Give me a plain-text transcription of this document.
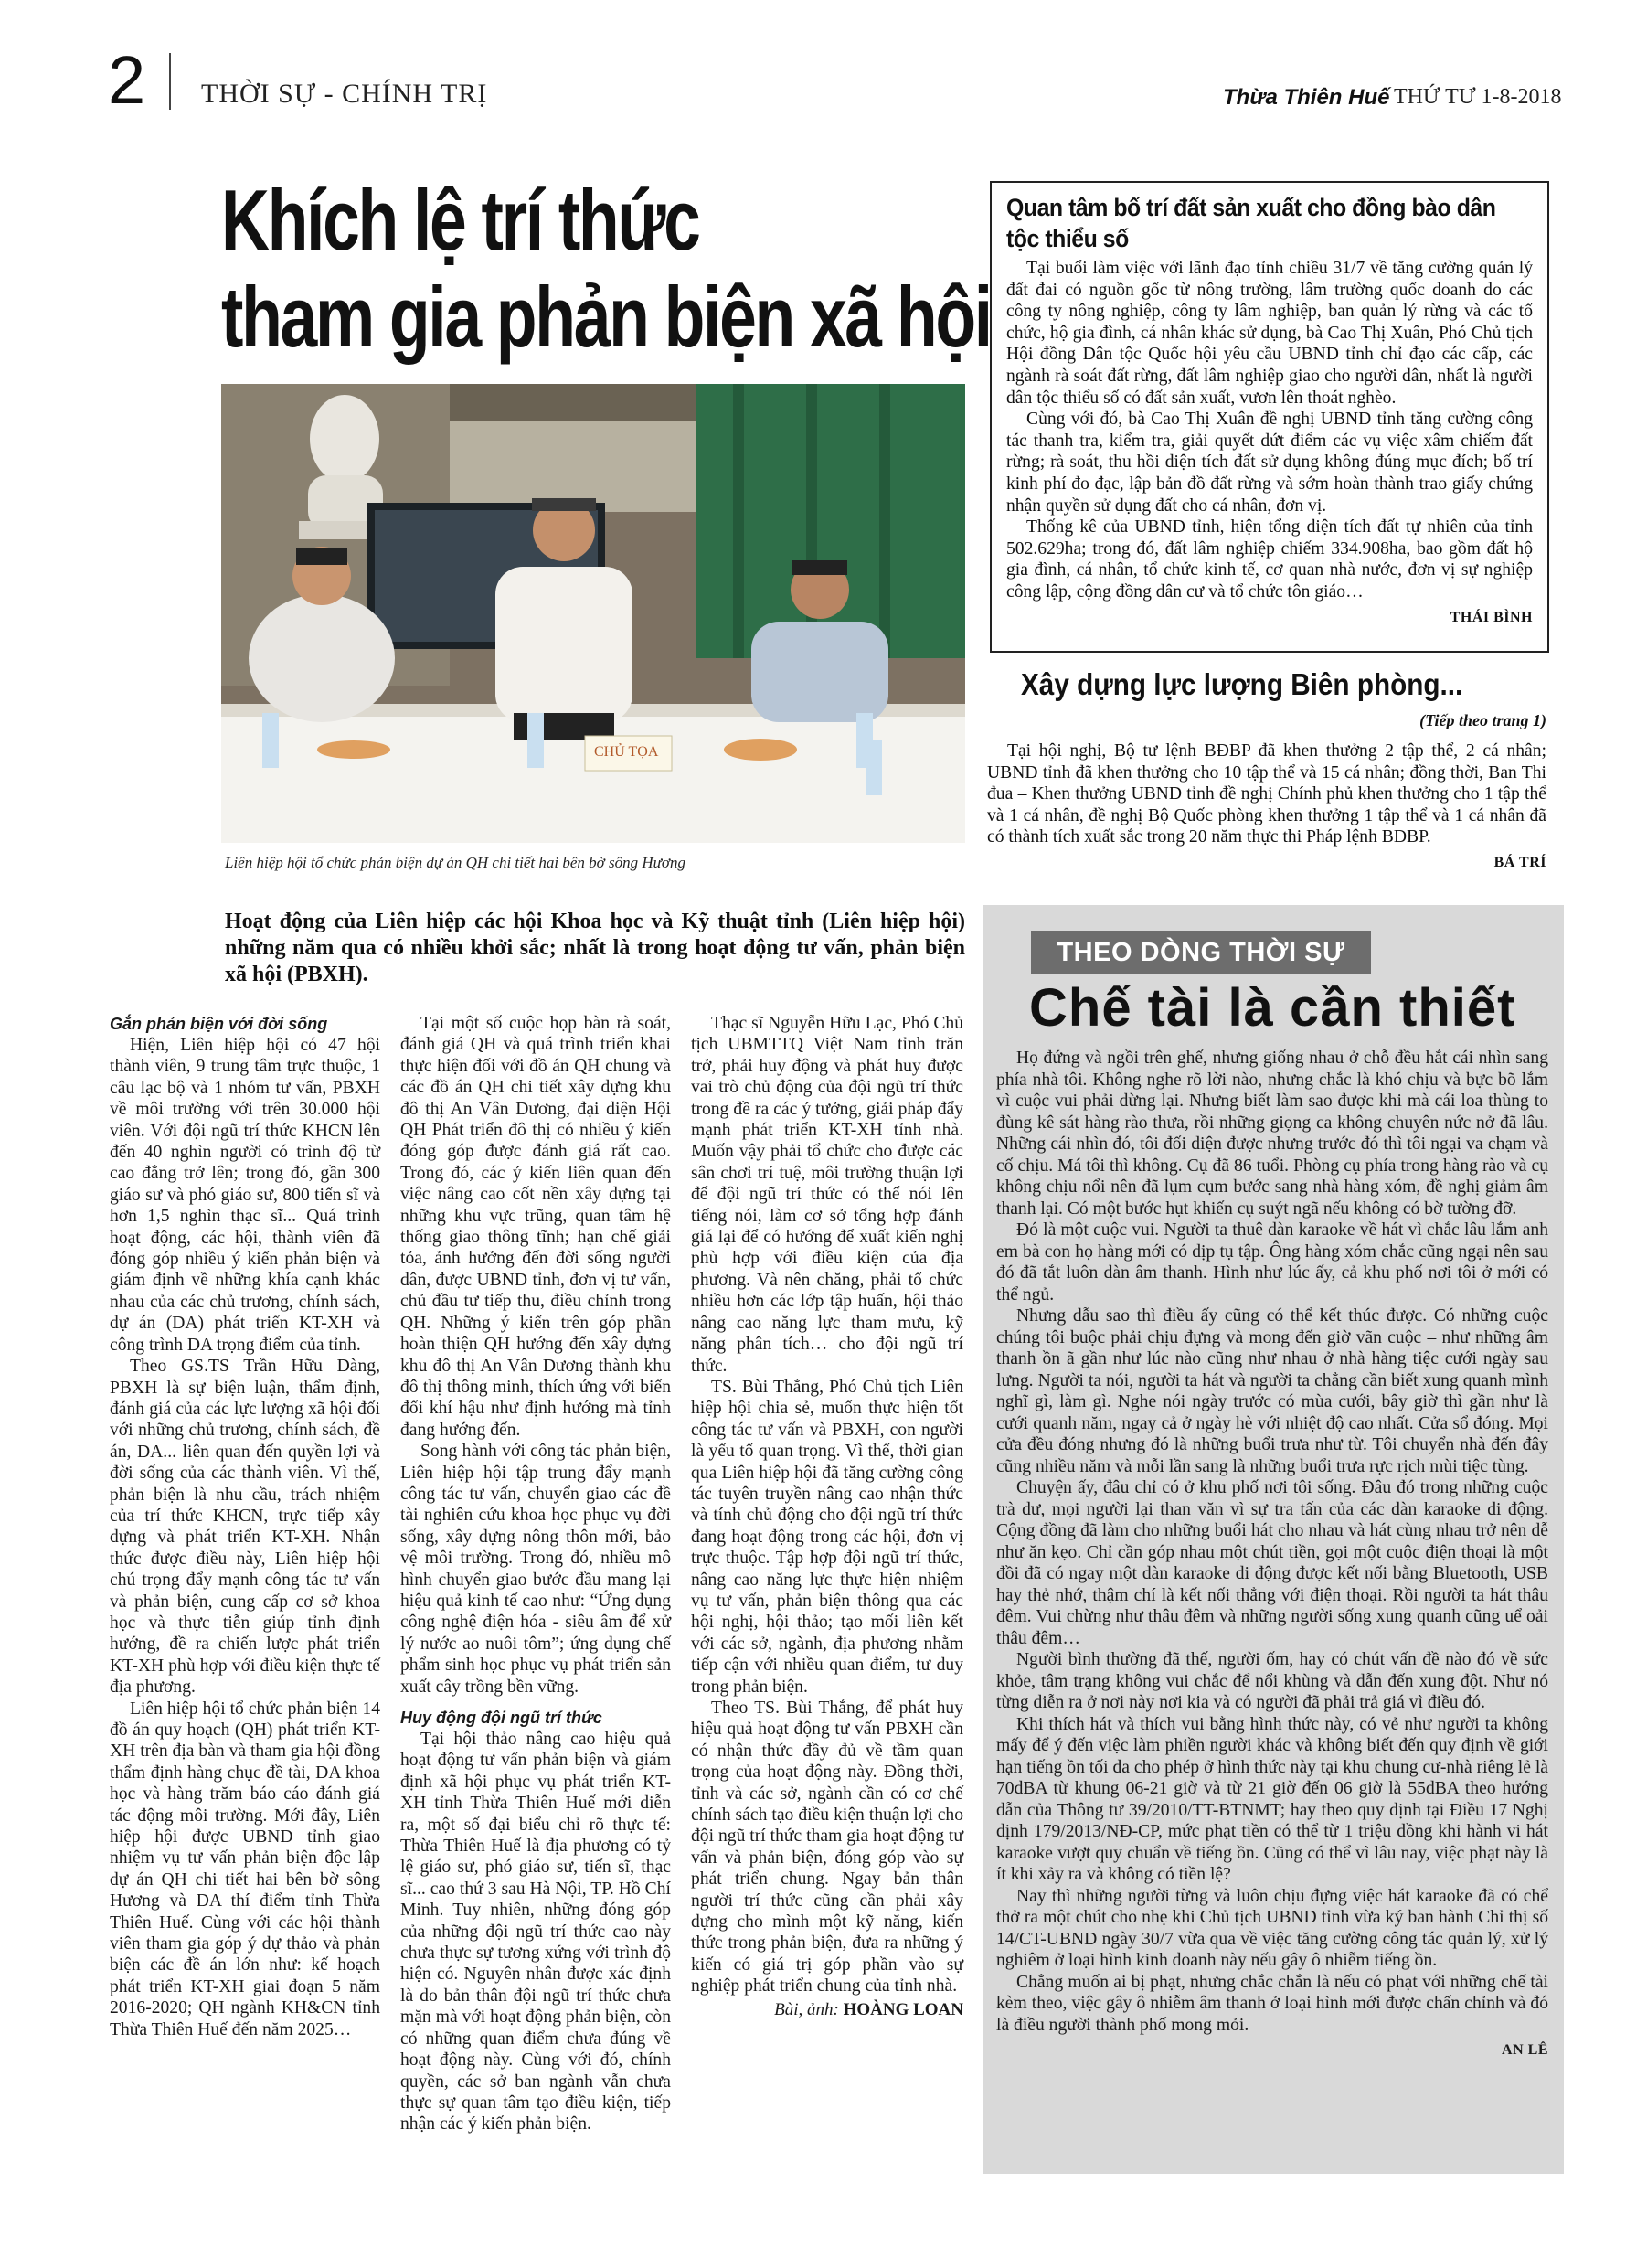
2 THỜI SỰ - CHÍNH TRỊ	Thừa Thiên Huế THỨ TƯ 1-8-2018
Khích lệ trí thức
tham gia phản biện xã hội
CHỦ TỌA
Liên hiệp hội tổ chức phản biện dự án QH chi tiết hai bên bờ sông Hương
Hoạt động của Liên hiệp các hội Khoa học và Kỹ thuật tỉnh (Liên hiệp hội) những năm qua có nhiều khởi sắc; nhất là trong hoạt động tư vấn, phản biện xã hội (PBXH).
Gắn phản biện với đời sống

Hiện, Liên hiệp hội có 47 hội thành viên, 9 trung tâm trực thuộc, 1 câu lạc bộ và 1 nhóm tư vấn, PBXH về môi trường với trên 30.000 hội viên. Với đội ngũ trí thức KHCN lên đến 40 nghìn người có trình độ từ cao đẳng trở lên; trong đó, gần 300 giáo sư và phó giáo sư, 800 tiến sĩ và hơn 1,5 nghìn thạc sĩ... Quá trình hoạt động, các hội, thành viên đã đóng góp nhiều ý kiến phản biện và giám định về những khía cạnh khác nhau của các chủ trương, chính sách, dự án (DA) phát triển KT-XH và công trình DA trọng điểm của tỉnh.

Theo GS.TS Trần Hữu Dàng, PBXH là sự biện luận, thẩm định, đánh giá của các lực lượng xã hội đối với những chủ trương, chính sách, đề án, DA... liên quan đến quyền lợi và đời sống của các thành viên. Vì thế, phản biện là nhu cầu, trách nhiệm của trí thức KHCN, trực tiếp xây dựng và phát triển KT-XH. Nhận thức được điều này, Liên hiệp hội chú trọng đẩy mạnh công tác tư vấn và phản biện, cung cấp cơ sở khoa học và thực tiễn giúp tỉnh định hướng, đề ra chiến lược phát triển KT-XH phù hợp với điều kiện thực tế địa phương.

Liên hiệp hội tổ chức phản biện 14 đồ án quy hoạch (QH) phát triển KT-XH trên địa bàn và tham gia hội đồng thẩm định hàng chục đề tài, DA khoa học và hàng trăm báo cáo đánh giá tác động môi trường. Mới đây, Liên hiệp hội được UBND tỉnh giao nhiệm vụ tư vấn phản biện độc lập dự án QH chi tiết hai bên bờ sông Hương và DA thí điểm tỉnh Thừa Thiên Huế. Cùng với các hội thành viên tham gia góp ý dự thảo và phản biện các đề án lớn như: kế hoạch phát triển KT-XH giai đoạn 5 năm 2016-2020; QH ngành KH&CN tỉnh Thừa Thiên Huế đến năm 2025…

Tại một số cuộc họp bàn rà soát, đánh giá QH và quá trình triển khai thực hiện đối với đồ án QH chung và các đồ án QH chi tiết xây dựng khu đô thị An Vân Dương, đại diện Hội QH Phát triển đô thị có nhiều ý kiến đóng góp được đánh giá rất cao. Trong đó, các ý kiến liên quan đến việc nâng cao cốt nền xây dựng tại những khu vực trũng, quan tâm hệ thống giao thông tĩnh; hạn chế giải tỏa, ảnh hưởng đến đời sống người dân, được UBND tỉnh, đơn vị tư vấn, chủ đầu tư tiếp thu, điều chỉnh trong QH. Những ý kiến trên góp phần hoàn thiện QH hướng đến xây dựng khu đô thị An Vân Dương thành khu đô thị thông minh, thích ứng với biến đổi khí hậu như định hướng mà tỉnh đang hướng đến.

Song hành với công tác phản biện, Liên hiệp hội tập trung đẩy mạnh công tác tư vấn, chuyển giao các đề tài nghiên cứu khoa học phục vụ đời sống, xây dựng nông thôn mới, bảo vệ môi trường. Trong đó, nhiều mô hình chuyển giao bước đầu mang lại hiệu quả kinh tế cao như: “Ứng dụng công nghệ điện hóa - siêu âm để xử lý nước ao nuôi tôm”; ứng dụng chế phẩm sinh học phục vụ phát triển sản xuất cây trồng bền vững.

Huy động đội ngũ trí thức

Tại hội thảo nâng cao hiệu quả hoạt động tư vấn phản biện và giám định xã hội phục vụ phát triển KT-XH tỉnh Thừa Thiên Huế mới diễn ra, một số đại biểu chỉ rõ thực tế: Thừa Thiên Huế là địa phương có tỷ lệ giáo sư, phó giáo sư, tiến sĩ, thạc sĩ... cao thứ 3 sau Hà Nội, TP. Hồ Chí Minh. Tuy nhiên, những đóng góp của những đội ngũ trí thức cao này chưa thực sự tương xứng với trình độ hiện có. Nguyên nhân được xác định là do bản thân đội ngũ trí thức chưa mặn mà với hoạt động phản biện, còn có những quan điểm chưa đúng về hoạt động này. Cùng với đó, chính quyền, các sở ban ngành vẫn chưa thực sự quan tâm tạo điều kiện, tiếp nhận các ý kiến phản biện.

Thạc sĩ Nguyễn Hữu Lạc, Phó Chủ tịch UBMTTQ Việt Nam tỉnh trăn trở, phải huy động và phát huy được vai trò chủ động của đội ngũ trí thức trong đề ra các ý tưởng, giải pháp đẩy mạnh phát triển KT-XH tỉnh nhà. Muốn vậy phải tổ chức cho được các sân chơi trí tuệ, môi trường thuận lợi để đội ngũ trí thức có thể nói lên tiếng nói, làm cơ sở tổng hợp đánh giá lại để có hướng để xuất kiến nghị phù hợp với điều kiện của địa phương. Và nên chăng, phải tổ chức nhiều hơn các lớp tập huấn, hội thảo nâng cao năng lực tham mưu, kỹ năng phân tích… cho đội ngũ trí thức.

TS. Bùi Thắng, Phó Chủ tịch Liên hiệp hội chia sẻ, muốn thực hiện tốt công tác tư vấn và PBXH, con người là yếu tố quan trọng. Vì thế, thời gian qua Liên hiệp hội đã tăng cường công tác tuyên truyền nâng cao nhận thức và tính chủ động cho đội ngũ trí thức đang hoạt động trong các hội, đơn vị trực thuộc. Tập hợp đội ngũ trí thức, nâng cao năng lực thực hiện nhiệm vụ tư vấn, phản biện thông qua các hội nghị, hội thảo; tạo mối liên kết với các sở, ngành, địa phương nhằm tiếp cận với nhiều quan điểm, tư duy trong phản biện.

Theo TS. Bùi Thắng, để phát huy hiệu quả hoạt động tư vấn PBXH cần có nhận thức đầy đủ về tầm quan trọng của hoạt động này. Đồng thời, tỉnh và các sở, ngành cần có cơ chế chính sách tạo điều kiện thuận lợi cho đội ngũ trí thức tham gia hoạt động tư vấn và phản biện, đóng góp vào sự phát triển chung. Ngay bản thân người trí thức cũng cần phải xây dựng cho mình một kỹ năng, kiến thức trong phản biện, đưa ra những ý kiến có giá trị góp phần vào sự nghiệp phát triển chung của tỉnh nhà.

Bài, ảnh: HOÀNG LOAN
Quan tâm bố trí đất sản xuất cho đồng bào dân tộc thiểu số

Tại buổi làm việc với lãnh đạo tỉnh chiều 31/7 về tăng cường quản lý đất đai có nguồn gốc từ nông trường, lâm trường quốc doanh do các công ty nông nghiệp, công ty lâm nghiệp, ban quản lý rừng và các tổ chức, hộ gia đình, cá nhân khác sử dụng, bà Cao Thị Xuân, Phó Chủ tịch Hội đồng Dân tộc Quốc hội yêu cầu UBND tỉnh chỉ đạo các cấp, các ngành rà soát đất rừng, đất lâm nghiệp giao cho người dân, nhất là người dân tộc thiểu số có đất sản xuất, vươn lên thoát nghèo.

Cùng với đó, bà Cao Thị Xuân đề nghị UBND tỉnh tăng cường công tác thanh tra, kiểm tra, giải quyết dứt điểm các vụ việc xâm chiếm đất rừng; rà soát, thu hồi diện tích đất sử dụng không đúng mục đích; bố trí kinh phí đo đạc, lập bản đồ đất rừng và sớm hoàn thành trao giấy chứng nhận quyền sử dụng đất cho cá nhân, đơn vị.

Thống kê của UBND tỉnh, hiện tổng diện tích đất tự nhiên của tỉnh 502.629ha; trong đó, đất lâm nghiệp chiếm 334.908ha, bao gồm đất hộ gia đình, cá nhân, tổ chức kinh tế, cơ quan nhà nước, đơn vị sự nghiệp công lập, cộng đồng dân cư và tổ chức tôn giáo…

THÁI BÌNH
Xây dựng lực lượng Biên phòng...
(Tiếp theo trang 1)

Tại hội nghị, Bộ tư lệnh BĐBP đã khen thưởng 2 tập thể, 2 cá nhân; UBND tỉnh đã khen thưởng cho 10 tập thể và 15 cá nhân; đồng thời, Ban Thi đua – Khen thưởng UBND tỉnh đề nghị Chính phủ khen thưởng cho 1 tập thể và 1 cá nhân, đề nghị Bộ Quốc phòng khen thưởng 1 tập thể và 1 cá nhân đã có thành tích xuất sắc trong 20 năm thực thi Pháp lệnh BĐBP.

BÁ TRÍ
THEO DÒNG THỜI SỰ
Chế tài là cần thiết

Họ đứng và ngồi trên ghế, nhưng giống nhau ở chỗ đều hắt cái nhìn sang phía nhà tôi. Không nghe rõ lời nào, nhưng chắc là khó chịu và bực bõ lắm vì cuộc vui phải dừng lại. Nhưng biết làm sao được khi mà cái loa thùng to đùng kê sát hàng rào thưa, rồi những giọng ca không chuyên nức nở đã lâu. Những cái nhìn đó, tôi đối diện được nhưng trước đó thì tôi ngại va chạm và cố chịu. Má tôi thì không. Cụ đã 86 tuổi. Phòng cụ phía trong hàng rào và cụ không chịu nổi nên đã lụm cụm bước sang nhà hàng xóm, đề nghị giảm âm thanh lại. Có một bước hụt khiến cụ suýt ngã nếu không có bờ tường đỡ.

Đó là một cuộc vui. Người ta thuê dàn karaoke về hát vì chắc lâu lắm anh em bà con họ hàng mới có dịp tụ tập. Ông hàng xóm chắc cũng ngại nên sau đó đã tắt luôn dàn âm thanh. Hình như lúc ấy, cả khu phố nơi tôi ở mới có thể ngủ.

Nhưng dẫu sao thì điều ấy cũng có thể kết thúc được. Có những cuộc chúng tôi buộc phải chịu đựng và mong đến giờ vãn cuộc – như những âm thanh ồn ã gần như lúc nào cũng như nhau ở nhà hàng tiệc cưới ngày sau lưng. Người ta nói, người ta hát và người ta chẳng cần biết xung quanh mình nghĩ gì, làm gì. Nghe nói ngày trước có mùa cưới, bây giờ thì gần như là cưới quanh năm, ngay cả ở ngày hè với nhiệt độ cao nhất. Cửa sổ đóng. Mọi cửa đều đóng nhưng đó là những buổi trưa như từ. Tôi chuyển nhà đến đây cũng nhiều năm và mỗi lần sang là những buổi trưa rực rịch mùi tiệc tùng.

Chuyện ấy, đâu chỉ có ở khu phố nơi tôi sống. Đâu đó trong những cuộc trà dư, mọi người lại than văn vì sự tra tấn của các dàn karaoke di động. Cộng đồng đã làm cho những buổi hát cho nhau và hát cùng nhau trở nên dễ như ăn kẹo. Chỉ cần góp nhau một chút tiền, gọi một cuộc điện thoại là một đồi đã có ngay một dàn karaoke di động được kết nối bằng Bluetooth, USB hay thẻ nhớ, thậm chí là kết nối thẳng với điện thoại. Rồi người ta hát thâu đêm. Vui chừng như thâu đêm và những người sống xung quanh cũng uể oải thâu đêm…

Người bình thường đã thế, người ốm, hay có chút vấn đề nào đó về sức khỏe, tâm trạng không vui chắc để nổi khùng và dẫn đến xung đột. Như nó từng diễn ra ở nơi này nơi kia và có người đã phải trả giá vì điều đó.

Khi thích hát và thích vui bằng hình thức này, có vẻ như người ta không mấy để ý đến việc làm phiền người khác và không biết đến quy định về giới hạn tiếng ồn tối đa cho phép ở hình thức này tại khu chung cư-nhà riêng lẻ là 70dBA từ khung 06-21 giờ và từ 21 giờ đến 06 giờ là 55dBA theo hướng dẫn của Thông tư 39/2010/TT-BTNMT; hay theo quy định tại Điều 17 Nghị định 179/2013/NĐ-CP, mức phạt tiền có thể từ 1 triệu đồng khi hành vi hát karaoke vượt quy chuẩn về tiếng ồn. Cũng có thể vì lâu nay, việc phạt này là ít khi xảy ra và không có tiền lệ?

Nay thì những người từng và luôn chịu đựng việc hát karaoke đã có chể thở ra một chút cho nhẹ khi Chủ tịch UBND tỉnh vừa ký ban hành Chỉ thị số 14/CT-UBND ngày 30/7 vừa qua về việc tăng cường công tác quản lý, xử lý nghiêm ở loại hình kinh doanh này nếu gây ô nhiễm tiếng ồn.

Chẳng muốn ai bị phạt, nhưng chắc chắn là nếu có phạt với những chế tài kèm theo, việc gây ô nhiễm âm thanh ở loại hình mới được chấn chỉnh và đó là điều người thành phố mong mỏi.

AN LÊ
